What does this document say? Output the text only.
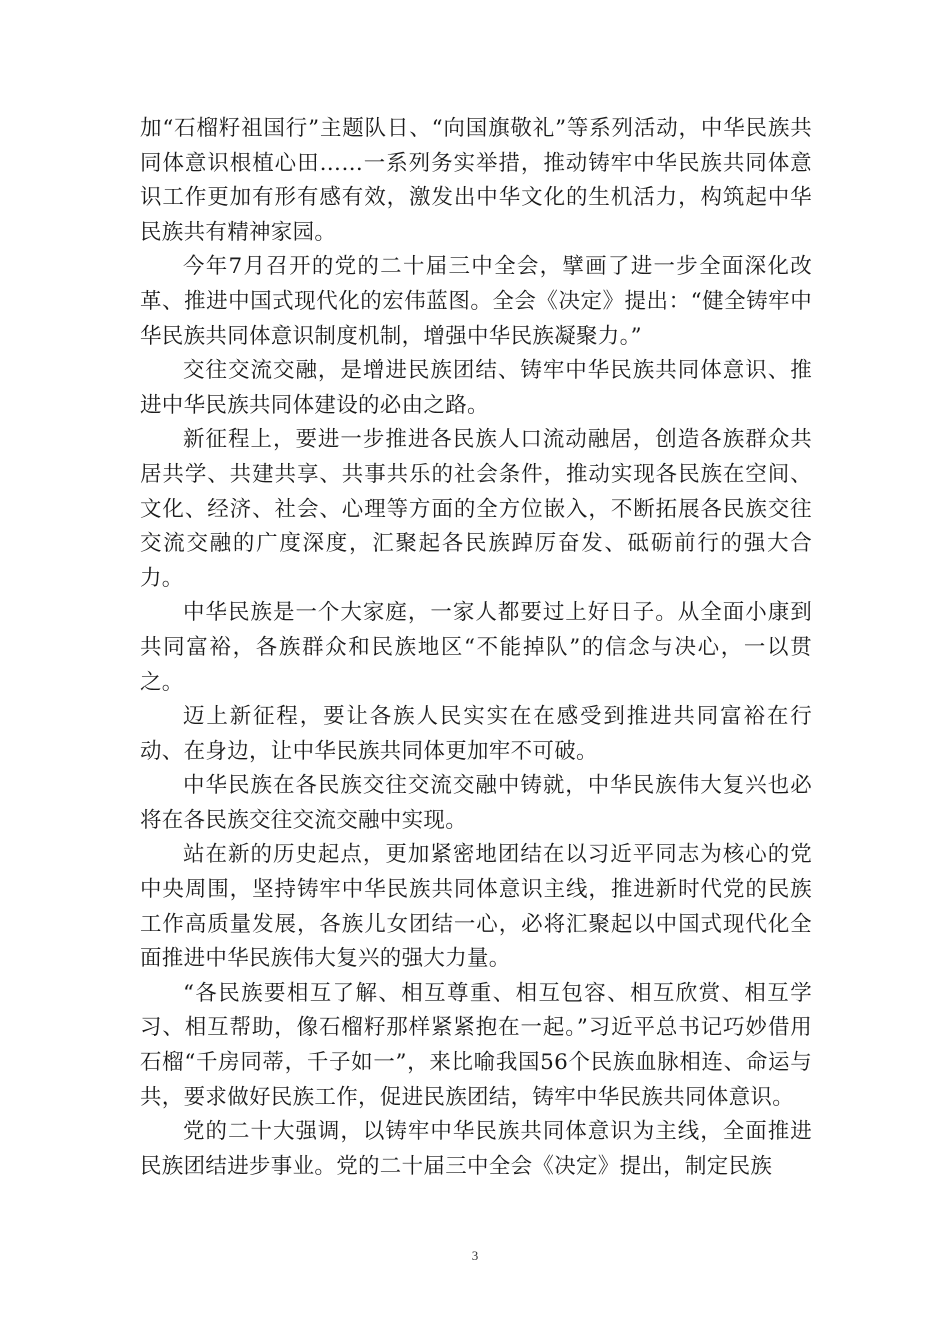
加“石榴籽祖国行”主题队日、“向国旗敬礼”等系列活动，中华民族共同体意识根植心田……一系列务实举措，推动铸牢中华民族共同体意识工作更加有形有感有效，激发出中华文化的生机活力，构筑起中华民族共有精神家园。

今年7月召开的党的二十届三中全会，擘画了进一步全面深化改革、推进中国式现代化的宏伟蓝图。全会《决定》提出：“健全铸牢中华民族共同体意识制度机制，增强中华民族凝聚力。”

交往交流交融，是增进民族团结、铸牢中华民族共同体意识、推进中华民族共同体建设的必由之路。

新征程上，要进一步推进各民族人口流动融居，创造各族群众共居共学、共建共享、共事共乐的社会条件，推动实现各民族在空间、文化、经济、社会、心理等方面的全方位嵌入，不断拓展各民族交往交流交融的广度深度，汇聚起各民族踔厉奋发、砥砺前行的强大合力。

中华民族是一个大家庭，一家人都要过上好日子。从全面小康到共同富裕，各族群众和民族地区“不能掉队”的信念与决心，一以贯之。

迈上新征程，要让各族人民实实在在感受到推进共同富裕在行动、在身边，让中华民族共同体更加牢不可破。

中华民族在各民族交往交流交融中铸就，中华民族伟大复兴也必将在各民族交往交流交融中实现。

站在新的历史起点，更加紧密地团结在以习近平同志为核心的党中央周围，坚持铸牢中华民族共同体意识主线，推进新时代党的民族工作高质量发展，各族儿女团结一心，必将汇聚起以中国式现代化全面推进中华民族伟大复兴的强大力量。

“各民族要相互了解、相互尊重、相互包容、相互欣赏、相互学习、相互帮助，像石榴籽那样紧紧抱在一起。”习近平总书记巧妙借用石榴“千房同蒂，千子如一”，来比喻我国56个民族血脉相连、命运与共，要求做好民族工作，促进民族团结，铸牢中华民族共同体意识。

党的二十大强调，以铸牢中华民族共同体意识为主线，全面推进民族团结进步事业。党的二十届三中全会《决定》提出，制定民族

3
